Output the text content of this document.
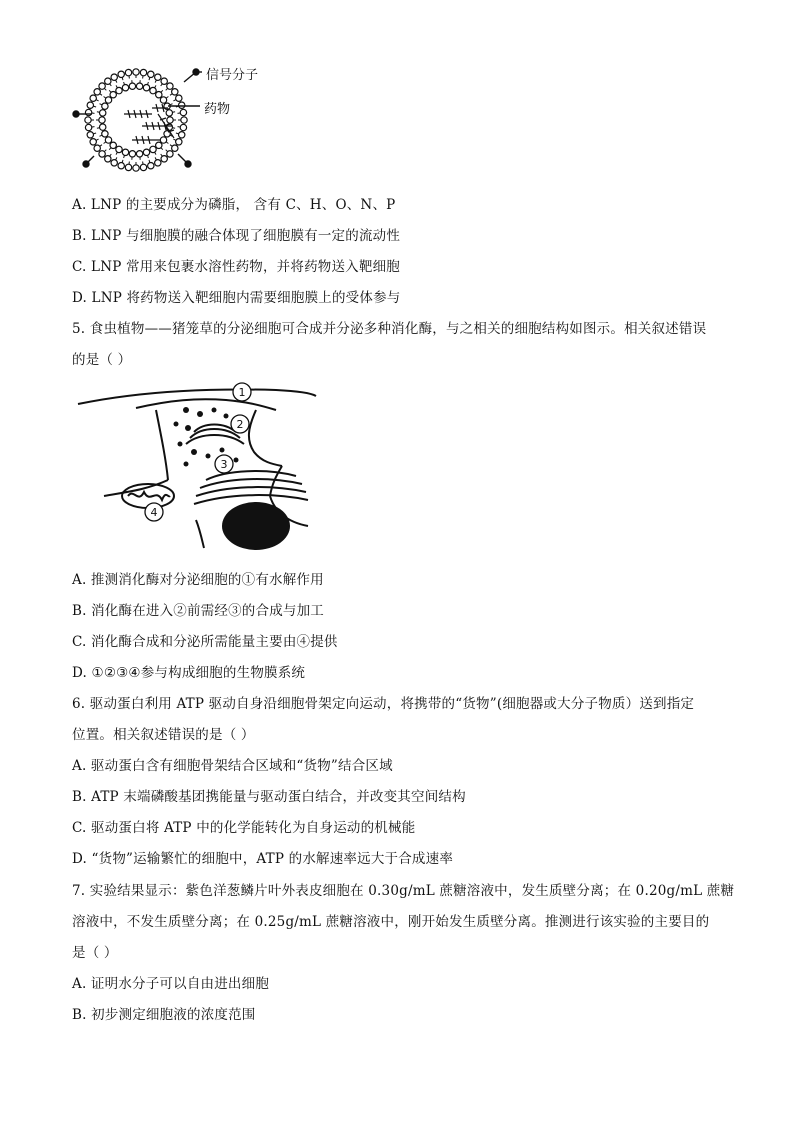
信号分子
药物
A. LNP 的主要成分为磷脂， 含有 C、H、O、N、P
B. LNP 与细胞膜的融合体现了细胞膜有一定的流动性
C. LNP 常用来包裹水溶性药物，并将药物送入靶细胞
D. LNP 将药物送入靶细胞内需要细胞膜上的受体参与
5. 食虫植物——猪笼草的分泌细胞可合成并分泌多种消化酶，与之相关的细胞结构如图示。相关叙述错误
的是（ ）
1
2
3
4
A. 推测消化酶对分泌细胞的①有水解作用
B. 消化酶在进入②前需经③的合成与加工
C. 消化酶合成和分泌所需能量主要由④提供
D. ①②③④参与构成细胞的生物膜系统
6. 驱动蛋白利用 ATP 驱动自身沿细胞骨架定向运动，将携带的“货物”(细胞器或大分子物质）送到指定
位置。相关叙述错误的是（ ）
A. 驱动蛋白含有细胞骨架结合区域和“货物”结合区域
B. ATP 末端磷酸基团携能量与驱动蛋白结合，并改变其空间结构
C. 驱动蛋白将 ATP 中的化学能转化为自身运动的机械能
D. “货物”运输繁忙的细胞中，ATP 的水解速率远大于合成速率
7. 实验结果显示：紫色洋葱鳞片叶外表皮细胞在 0.30g/mL 蔗糖溶液中，发生质壁分离；在 0.20g/mL 蔗糖
溶液中，不发生质壁分离；在 0.25g/mL 蔗糖溶液中，刚开始发生质壁分离。推测进行该实验的主要目的
是（ ）
A. 证明水分子可以自由进出细胞
B. 初步测定细胞液的浓度范围
